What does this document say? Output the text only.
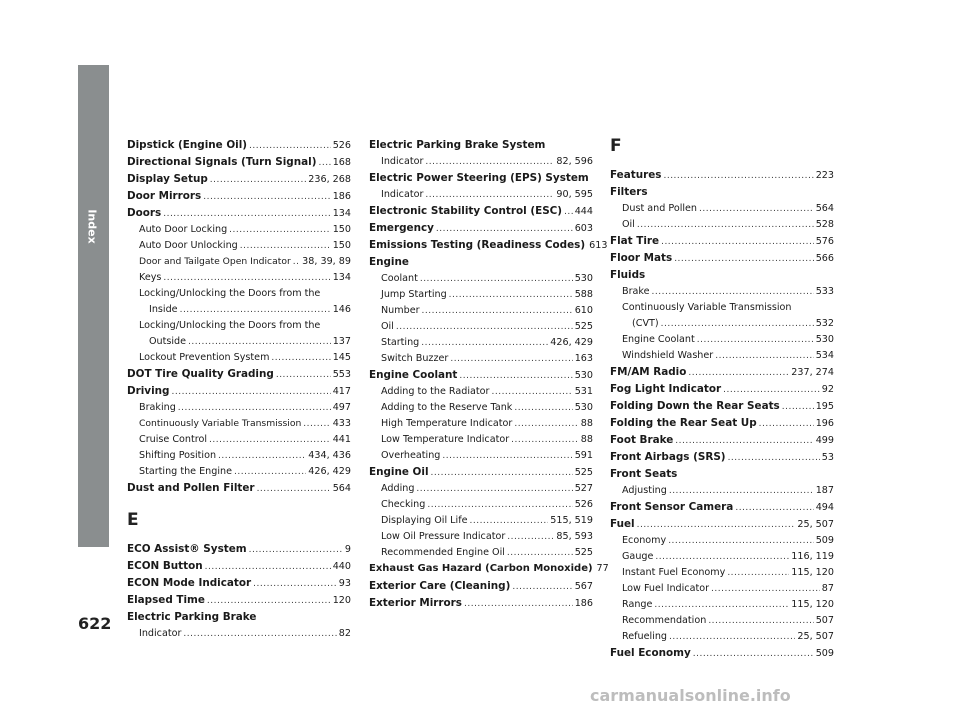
Index
622
Dipstick (Engine Oil) .....	526
Directional Signals (Turn Signal) ..... 168
Display Setup .....	236, 268
Door Mirrors .....	186
Doors .....	134
Auto Door Locking .....	150
Auto Door Unlocking .....	150
Door and Tailgate Open Indicator ..... 38, 39, 89
Keys .....	134
Locking/Unlocking the Doors from the
Inside .....	146
Locking/Unlocking the Doors from the
Outside .....	137
Lockout Prevention System .....	145
DOT Tire Quality Grading .....	553
Driving .....	417
Braking .....	497
Continuously Variable Transmission .....	433
Cruise Control .....	441
Shifting Position .....	434, 436
Starting the Engine .....	426, 429
Dust and Pollen Filter .....	564
E
ECO Assist® System .....	9
ECON Button .....	440
ECON Mode Indicator .....	93
Elapsed Time .....	120
Electric Parking Brake
Indicator .....	82
Electric Parking Brake System
Indicator .....	82, 596
Electric Power Steering (EPS) System
Indicator .....	90, 595
Electronic Stability Control (ESC) ..... 444
Emergency .....	603
Emissions Testing (Readiness Codes) 613
Engine
Coolant .....	530
Jump Starting .....	588
Number .....	610
Oil .....	525
Starting .....	426, 429
Switch Buzzer .....	163
Engine Coolant .....	530
Adding to the Radiator .....	531
Adding to the Reserve Tank .....	530
High Temperature Indicator .....	88
Low Temperature Indicator .....	88
Overheating .....	591
Engine Oil .....	525
Adding .....	527
Checking .....	526
Displaying Oil Life .....	515, 519
Low Oil Pressure Indicator .....	85, 593
Recommended Engine Oil .....	525
Exhaust Gas Hazard (Carbon Monoxide) 77
Exterior Care (Cleaning) .....	567
Exterior Mirrors .....	186
F
Features .....	223
Filters
Dust and Pollen .....	564
Oil .....	528
Flat Tire .....	576
Floor Mats .....	566
Fluids
Brake .....	533
Continuously Variable Transmission
(CVT) .....	532
Engine Coolant .....	530
Windshield Washer .....	534
FM/AM Radio .....	237, 274
Fog Light Indicator .....	92
Folding Down the Rear Seats .....	195
Folding the Rear Seat Up .....	196
Foot Brake .....	499
Front Airbags (SRS) .....	53
Front Seats
Adjusting .....	187
Front Sensor Camera .....	494
Fuel .....	25, 507
Economy .....	509
Gauge .....	116, 119
Instant Fuel Economy .....	115, 120
Low Fuel Indicator .....	87
Range .....	115, 120
Recommendation .....	507
Refueling .....	25, 507
Fuel Economy .....	509
carmanualsonline.info
